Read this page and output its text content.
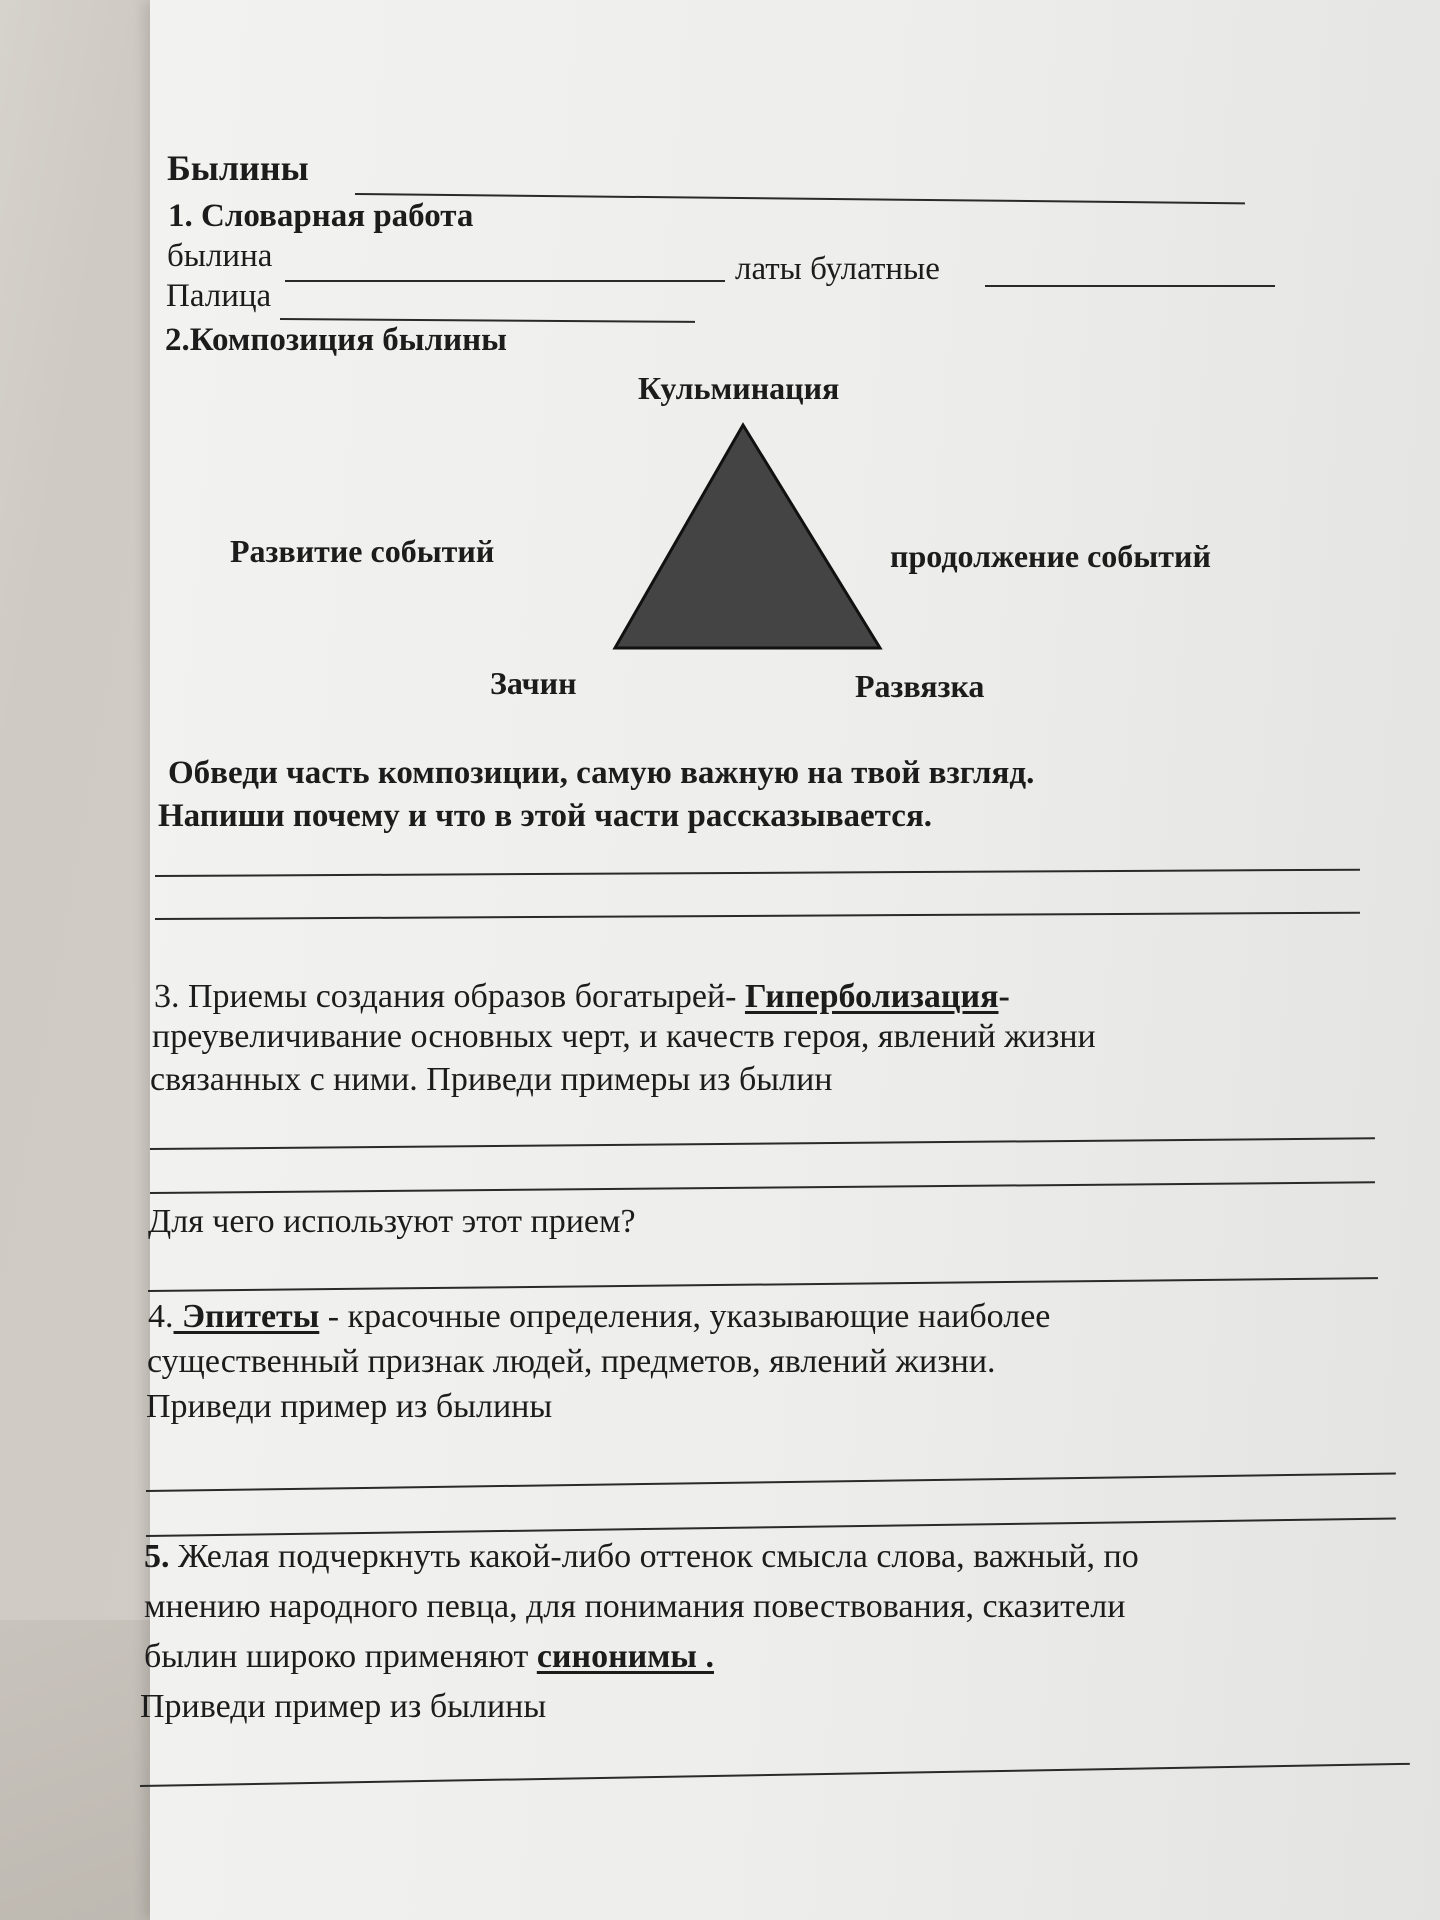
Былины
1. Словарная работа
былина	латы булатные
Палица
2.Композиция былины
Кульминация
Развитие событий	продолжение событий
Зачин	Развязка
Обведи часть композиции, самую важную на твой взгляд.
Напиши почему и что в этой части рассказывается.
3. Приемы создания образов богатырей- Гиперболизация-
преувеличивание основных черт, и качеств героя, явлений жизни
связанных с ними. Приведи примеры из былин
Для чего используют этот прием?
4. Эпитеты - красочные определения, указывающие наиболее
существенный признак людей, предметов, явлений жизни.
Приведи пример из былины
5. Желая подчеркнуть какой-либо оттенок смысла слова, важный, по
мнению народного певца, для понимания повествования, сказители
былин широко применяют синонимы .
Приведи пример из былины
